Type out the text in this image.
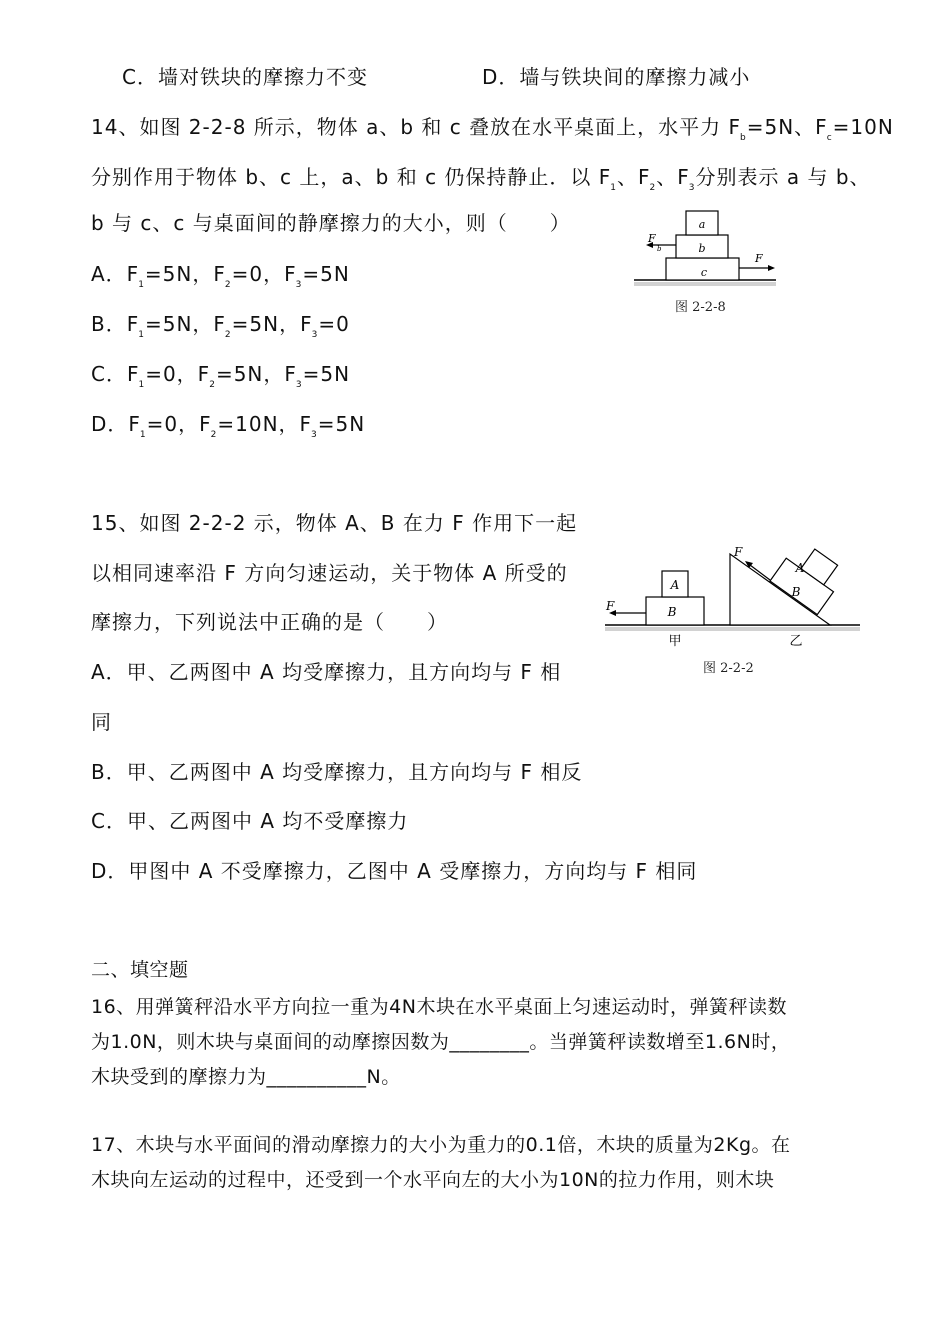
C．墙对铁块的摩擦力不变	D．墙与铁块间的摩擦力减小
14、如图 2-2-8 所示，物体 a、b 和 c 叠放在水平桌面上，水平力 $F_b=5N$、$F_c=10N$
分别作用于物体 b、c 上，a、b 和 c 仍保持静止．以 $F_1$、$F_2$、$F_3$分别表示 a 与 b、
b 与 c、c 与桌面间的静摩擦力的大小，则（　　）
A．$F_1=5N$，$F_2=0$，$F_3=5N$
B．$F_1=5N$，$F_2=5N$，$F_3=0$
C．$F_1=0$，$F_2=5N$，$F_3=5N$
D．$F_1=0$，$F_2=10N$，$F_3=5N$
a
b
c
F
b
F
图 2-2-8
15、如图 2-2-2 示，物体 A、B 在力 F 作用下一起
以相同速率沿 F 方向匀速运动，关于物体 A 所受的
摩擦力，下列说法中正确的是（　　）
A．甲、乙两图中 A 均受摩擦力，且方向均与 F 相
同
B．甲、乙两图中 A 均受摩擦力，且方向均与 F 相反
C．甲、乙两图中 A 均不受摩擦力
D．甲图中 A 不受摩擦力，乙图中 A 受摩擦力，方向均与 F 相同
A
B
F
甲
A
B
F
乙
图 2-2-2
二、填空题
16、用弹簧秤沿水平方向拉一重为4N木块在水平桌面上匀速运动时，弹簧秤读数
为1.0N，则木块与桌面间的动摩擦因数为________。当弹簧秤读数增至1.6N时，
木块受到的摩擦力为__________N。
17、木块与水平面间的滑动摩擦力的大小为重力的0.1倍，木块的质量为2Kg。在
木块向左运动的过程中，还受到一个水平向左的大小为10N的拉力作用，则木块
